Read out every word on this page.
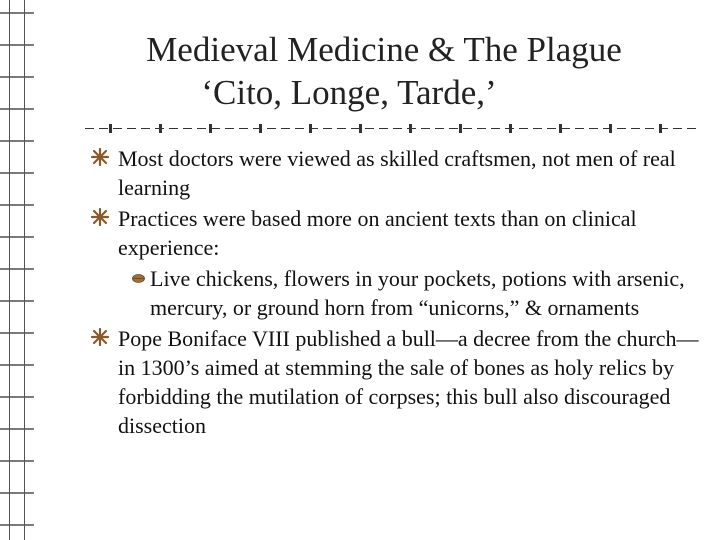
Medieval Medicine & The Plague
‘Cito, Longe, Tarde,’
Most doctors were viewed as skilled craftsmen, not men of real learning
Practices were based more on ancient texts than on clinical experience:
Live chickens, flowers in your pockets, potions with arsenic, mercury, or ground horn from “unicorns,” & ornaments
Pope Boniface VIII published a bull—a decree from the church—in 1300’s aimed at stemming the sale of bones as holy relics by forbidding the mutilation of corpses; this bull also discouraged dissection
